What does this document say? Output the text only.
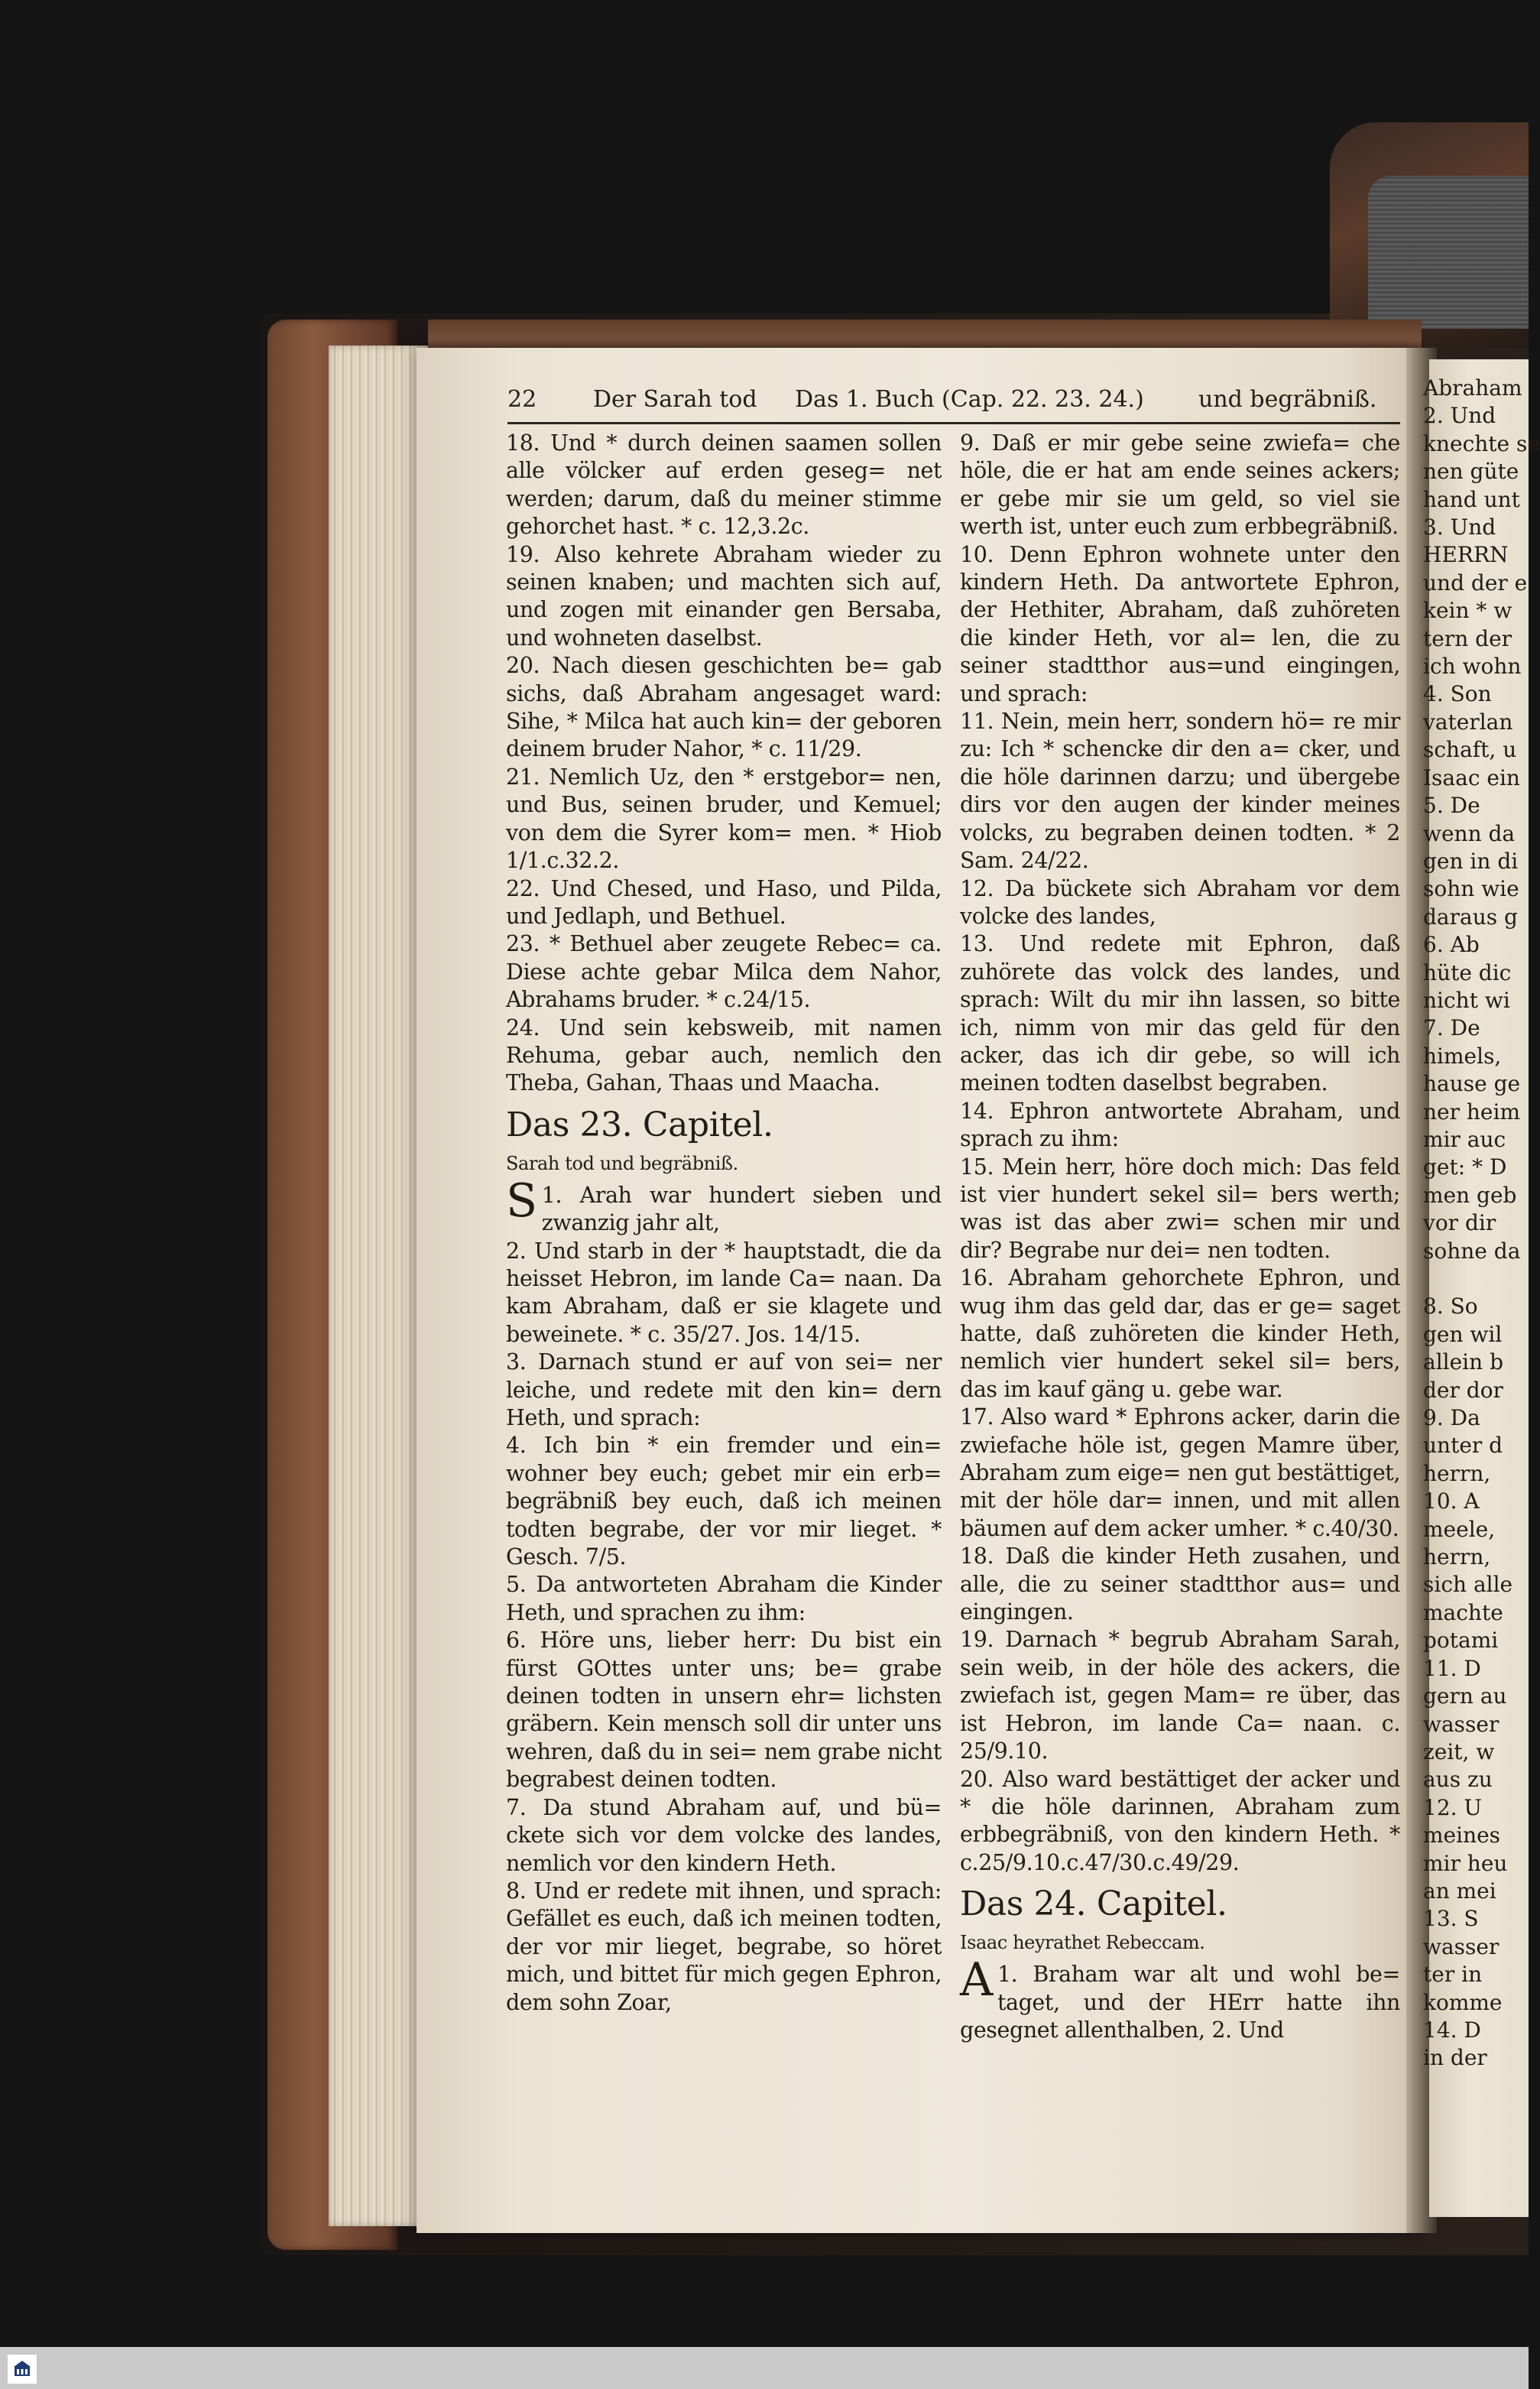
Abraham
2. Und
knechte se
nen güte
hand unt
3. Und
HERRN
und der e
kein * w
tern der
ich wohn
4. Son
vaterlan
schaft, u
Isaac ein
5. De
wenn da
gen in di
sohn wie
daraus g
6. Ab
hüte dic
nicht wi
7. De
himels,
hause ge
ner heim
mir auc
get: * D
men geb
vor dir
sohne da

8. So
gen wil
allein b
der dor
9. Da
unter d
herrn,
10. A
meele,
herrn,
sich alle
machte
potami
11. D
gern au
wasser
zeit, w
aus zu
12. U
meines
mir heu
an mei
13. S
wasser
ter in
komme
14. D
in der
22 Der Sarah tod Das 1. Buch (Cap. 22. 23. 24.) und begräbniß.

18. Und * durch deinen saamen sollen alle völcker auf erden geseg= net werden; darum, daß du meiner stimme gehorchet hast. * c. 12,3.2c.

19. Also kehrete Abraham wieder zu seinen knaben; und machten sich auf, und zogen mit einander gen Bersaba, und wohneten daselbst.

20. Nach diesen geschichten be= gab sichs, daß Abraham angesaget ward: Sihe, * Milca hat auch kin= der geboren deinem bruder Nahor, * c. 11/29.

21. Nemlich Uz, den * erstgebor= nen, und Bus, seinen bruder, und Kemuel; von dem die Syrer kom= men. * Hiob 1/1.c.32.2.

22. Und Chesed, und Haso, und Pilda, und Jedlaph, und Bethuel.

23. * Bethuel aber zeugete Rebec= ca. Diese achte gebar Milca dem Nahor, Abrahams bruder. * c.24/15.

24. Und sein kebsweib, mit namen Rehuma, gebar auch, nemlich den Theba, Gahan, Thaas und Maacha.

Das 23. Capitel.

Sarah tod und begräbniß.

1.
S Arah war hundert sieben und zwanzig jahr alt,

2. Und starb in der * hauptstadt, die da heisset Hebron, im lande Ca= naan. Da kam Abraham, daß er sie klagete und beweinete. * c. 35/27. Jos. 14/15.

3. Darnach stund er auf von sei= ner leiche, und redete mit den kin= dern Heth, und sprach:

4. Ich bin * ein fremder und ein= wohner bey euch; gebet mir ein erb= begräbniß bey euch, daß ich meinen todten begrabe, der vor mir lieget. * Gesch. 7/5.

5. Da antworteten Abraham die Kinder Heth, und sprachen zu ihm:

6. Höre uns, lieber herr: Du bist ein fürst GOttes unter uns; be= grabe deinen todten in unsern ehr= lichsten gräbern. Kein mensch soll dir unter uns wehren, daß du in sei= nem grabe nicht begrabest deinen todten.

7. Da stund Abraham auf, und bü= ckete sich vor dem volcke des landes, nemlich vor den kindern Heth.

8. Und er redete mit ihnen, und sprach: Gefället es euch, daß ich meinen todten, der vor mir lieget, begrabe, so höret mich, und bittet für mich gegen Ephron, dem sohn Zoar,

9. Daß er mir gebe seine zwiefa= che höle, die er hat am ende seines ackers; er gebe mir sie um geld, so viel sie werth ist, unter euch zum erbbegräbniß.

10. Denn Ephron wohnete unter den kindern Heth. Da antwortete Ephron, der Hethiter, Abraham, daß zuhöreten die kinder Heth, vor al= len, die zu seiner stadtthor aus=und eingingen, und sprach:

11. Nein, mein herr, sondern hö= re mir zu: Ich * schencke dir den a= cker, und die höle darinnen darzu; und übergebe dirs vor den augen der kinder meines volcks, zu begraben deinen todten. * 2 Sam. 24/22.

12. Da bückete sich Abraham vor dem volcke des landes,

13. Und redete mit Ephron, daß zuhörete das volck des landes, und sprach: Wilt du mir ihn lassen, so bitte ich, nimm von mir das geld für den acker, das ich dir gebe, so will ich meinen todten daselbst begraben.

14. Ephron antwortete Abraham, und sprach zu ihm:

15. Mein herr, höre doch mich: Das feld ist vier hundert sekel sil= bers werth; was ist das aber zwi= schen mir und dir? Begrabe nur dei= nen todten.

16. Abraham gehorchete Ephron, und wug ihm das geld dar, das er ge= saget hatte, daß zuhöreten die kinder Heth, nemlich vier hundert sekel sil= bers, das im kauf gäng u. gebe war.

17. Also ward * Ephrons acker, darin die zwiefache höle ist, gegen Mamre über, Abraham zum eige= nen gut bestättiget, mit der höle dar= innen, und mit allen bäumen auf dem acker umher. * c.40/30.

18. Daß die kinder Heth zusahen, und alle, die zu seiner stadtthor aus= und eingingen.

19. Darnach * begrub Abraham Sarah, sein weib, in der höle des ackers, die zwiefach ist, gegen Mam= re über, das ist Hebron, im lande Ca= naan. c. 25/9.10.

20. Also ward bestättiget der acker und * die höle darinnen, Abraham zum erbbegräbniß, von den kindern Heth. * c.25/9.10.c.47/30.c.49/29.

Das 24. Capitel.

Isaac heyrathet Rebeccam.

1.
A Braham war alt und wohl be= taget, und der HErr hatte ihn gesegnet allenthalben, 2. Und
